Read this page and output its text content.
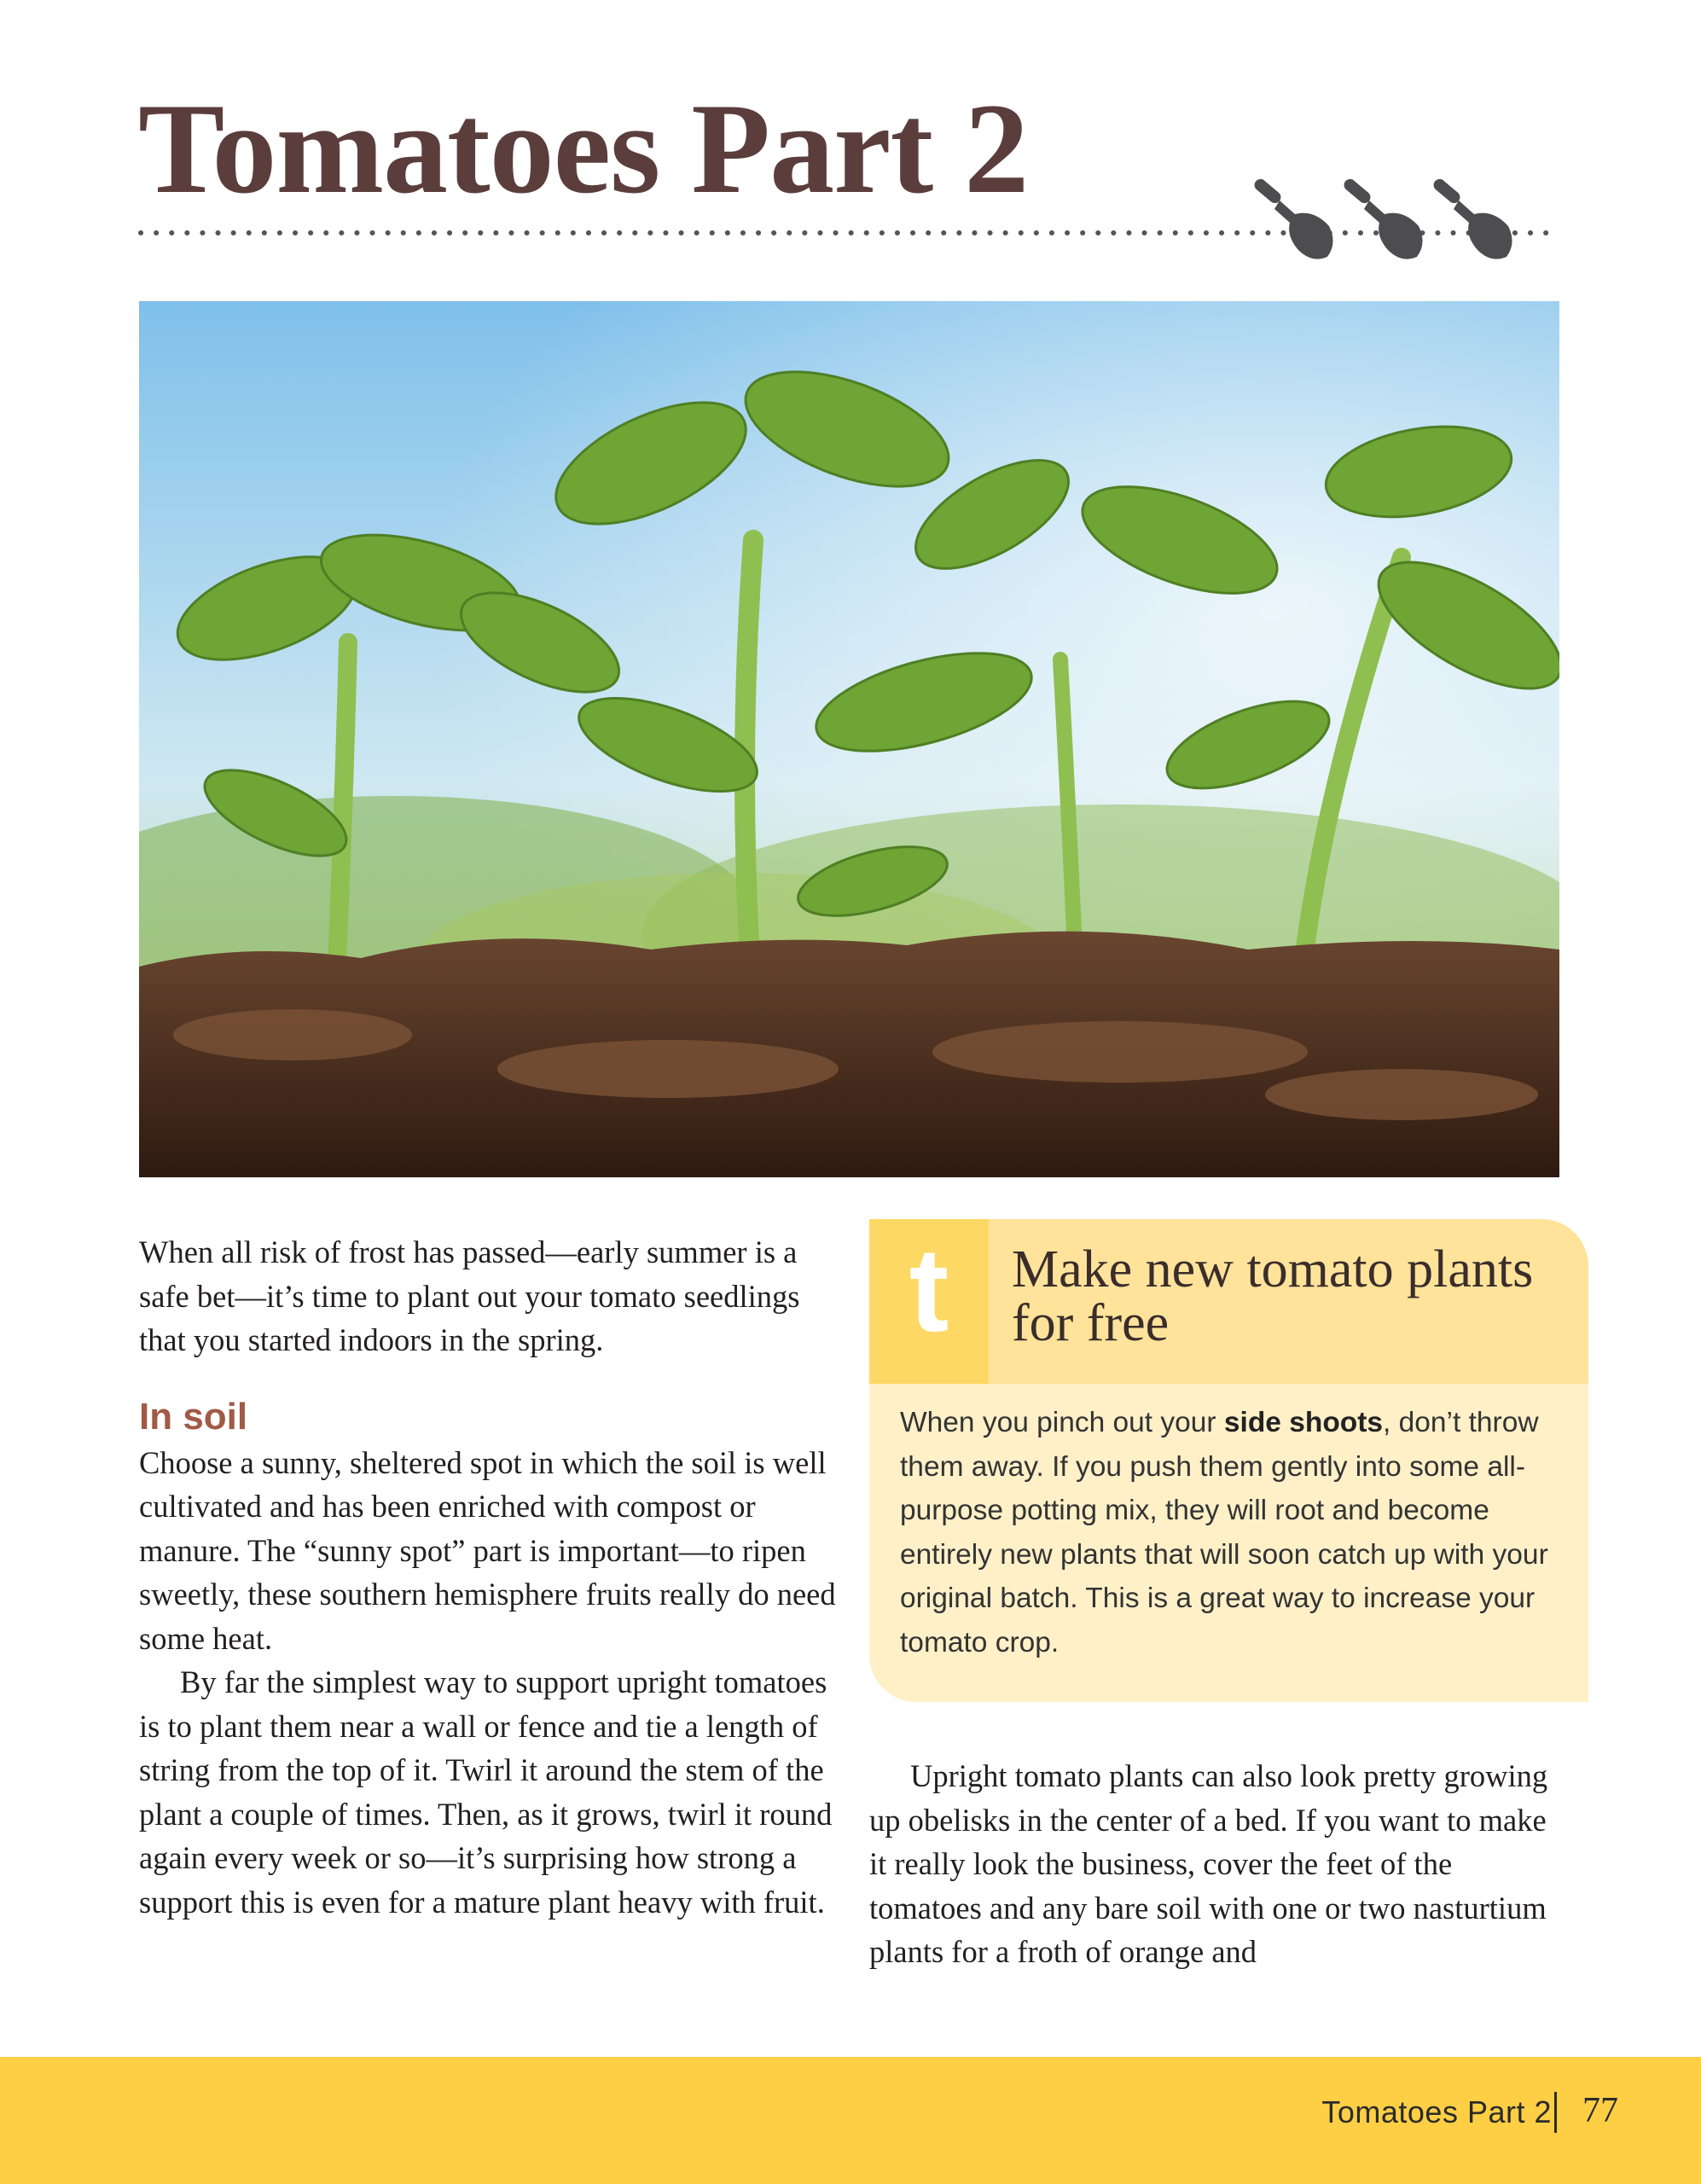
Tomatoes Part 2

When all risk of frost has passed—early summer is a safe bet—it’s time to plant out your tomato seedlings that you started indoors in the spring.

In soil

Choose a sunny, sheltered spot in which the soil is well cultivated and has been enriched with compost or manure. The “sunny spot” part is important—to ripen sweetly, these southern hemisphere fruits really do need some heat.

By far the simplest way to support upright tomatoes is to plant them near a wall or fence and tie a length of string from the top of it. Twirl it around the stem of the plant a couple of times. Then, as it grows, twirl it round again every week or so—it’s surprising how strong a support this is even for a mature plant heavy with fruit.

t	Make new tomato plants for free
When you pinch out your side shoots, don’t throw them away. If you push them gently into some all-purpose potting mix, they will root and become entirely new plants that will soon catch up with your original batch. This is a great way to increase your tomato crop.

Upright tomato plants can also look pretty growing up obelisks in the center of a bed. If you want to make it really look the business, cover the feet of the tomatoes and any bare soil with one or two nasturtium plants for a froth of orange and

Tomatoes Part 2 77
